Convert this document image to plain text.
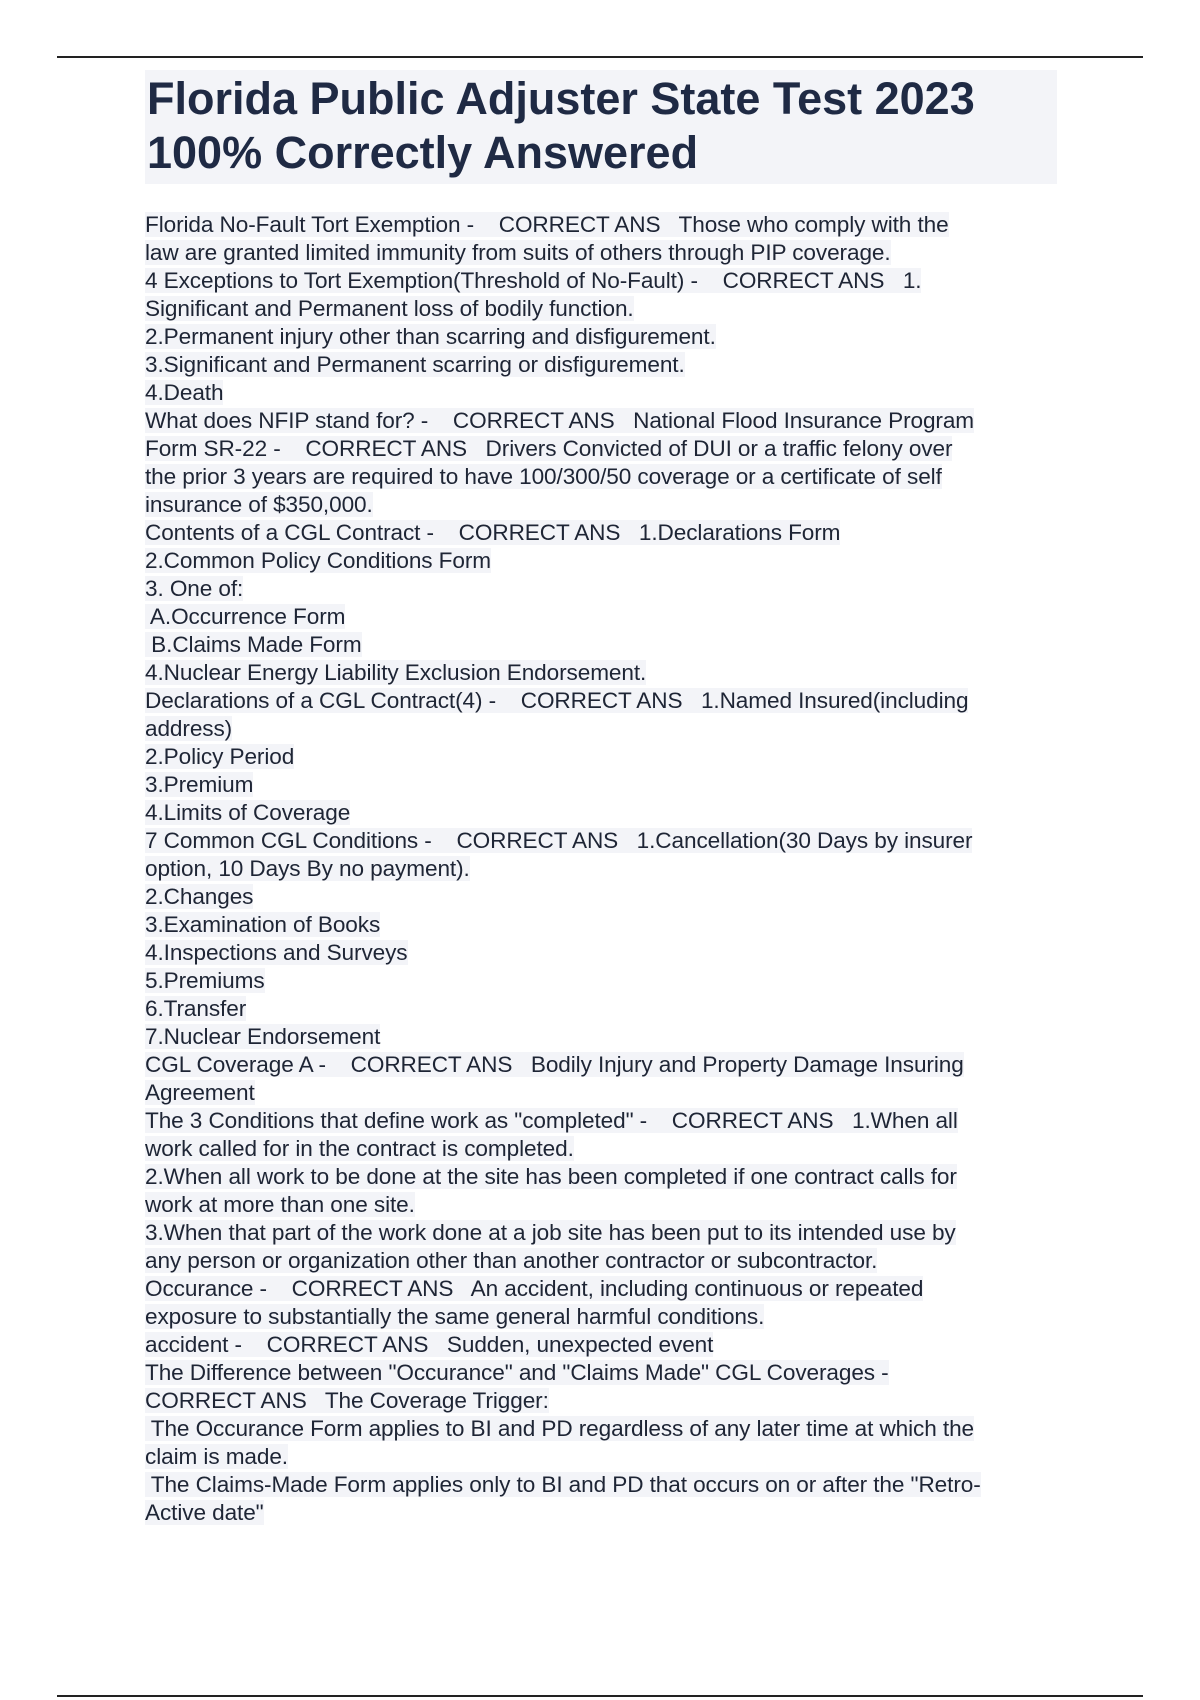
Florida Public Adjuster State Test 2023
100% Correctly Answered
Florida No-Fault Tort Exemption -    CORRECT ANS   Those who comply with the
law are granted limited immunity from suits of others through PIP coverage.
4 Exceptions to Tort Exemption(Threshold of No-Fault) -    CORRECT ANS   1.
Significant and Permanent loss of bodily function.
2.Permanent injury other than scarring and disfigurement.
3.Significant and Permanent scarring or disfigurement.
4.Death
What does NFIP stand for? -    CORRECT ANS   National Flood Insurance Program
Form SR-22 -    CORRECT ANS   Drivers Convicted of DUI or a traffic felony over
the prior 3 years are required to have 100/300/50 coverage or a certificate of self
insurance of $350,000.
Contents of a CGL Contract -    CORRECT ANS   1.Declarations Form
2.Common Policy Conditions Form
3. One of:
A.Occurrence Form
B.Claims Made Form
4.Nuclear Energy Liability Exclusion Endorsement.
Declarations of a CGL Contract(4) -    CORRECT ANS   1.Named Insured(including
address)
2.Policy Period
3.Premium
4.Limits of Coverage
7 Common CGL Conditions -    CORRECT ANS   1.Cancellation(30 Days by insurer
option, 10 Days By no payment).
2.Changes
3.Examination of Books
4.Inspections and Surveys
5.Premiums
6.Transfer
7.Nuclear Endorsement
CGL Coverage A -    CORRECT ANS   Bodily Injury and Property Damage Insuring
Agreement
The 3 Conditions that define work as "completed" -    CORRECT ANS   1.When all
work called for in the contract is completed.
2.When all work to be done at the site has been completed if one contract calls for
work at more than one site.
3.When that part of the work done at a job site has been put to its intended use by
any person or organization other than another contractor or subcontractor.
Occurance -    CORRECT ANS   An accident, including continuous or repeated
exposure to substantially the same general harmful conditions.
accident -    CORRECT ANS   Sudden, unexpected event
The Difference between "Occurance" and "Claims Made" CGL Coverages -
CORRECT ANS   The Coverage Trigger:
The Occurance Form applies to BI and PD regardless of any later time at which the
claim is made.
The Claims-Made Form applies only to BI and PD that occurs on or after the "Retro-
Active date"
